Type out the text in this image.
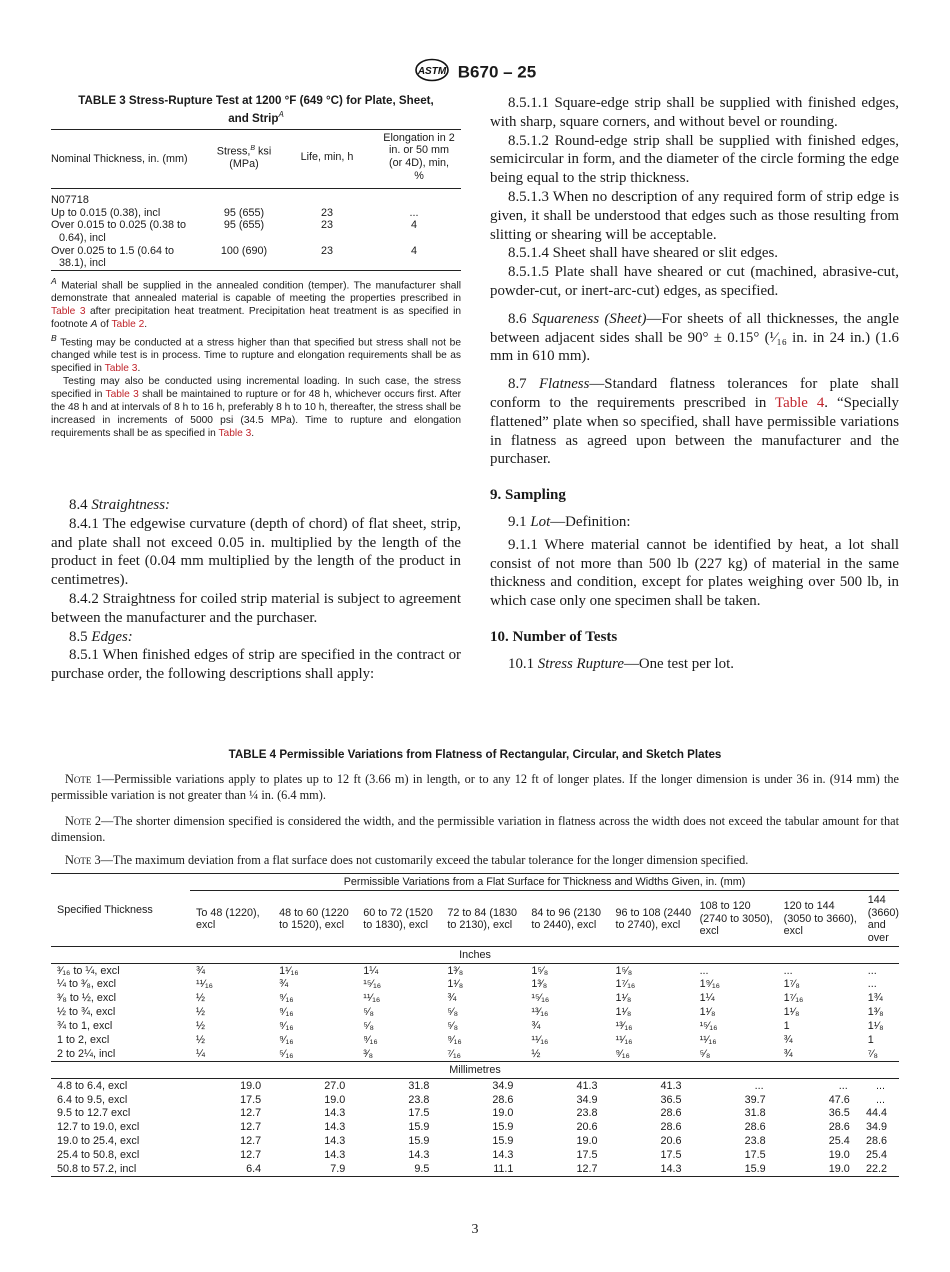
ASTM B670 – 25
TABLE 3 Stress-Rupture Test at 1200 °F (649 °C) for Plate, Sheet,
and Strip$^A$
Nominal Thickness, in. (mm)	Stress,$^B$ ksi (MPa)	Life, min, h	Elongation in 2 in. or 50 mm (or 4D), min, %
N07718			
Up to 0.015 (0.38), incl	95 (655)	23	...
Over 0.015 to 0.025 (0.38 to 0.64), incl	95 (655)	23	4
Over 0.025 to 1.5 (0.64 to 38.1), incl	100 (690)	23	4

$^A$ Material shall be supplied in the annealed condition (temper). The manufacturer shall demonstrate that annealed material is capable of meeting the properties prescribed in Table 3 after precipitation heat treatment. Precipitation heat treatment is as specified in footnote A of Table 2.

$^B$ Testing may be conducted at a stress higher than that specified but stress shall not be changed while test is in process. Time to rupture and elongation requirements shall be as specified in Table 3.

Testing may also be conducted using incremental loading. In such case, the stress specified in Table 3 shall be maintained to rupture or for 48 h, whichever occurs first. After the 48 h and at intervals of 8 h to 16 h, preferably 8 h to 10 h, thereafter, the stress shall be increased in increments of 5000 psi (34.5 MPa). Time to rupture and elongation requirements shall be as specified in Table 3.

8.4 Straightness:

8.4.1 The edgewise curvature (depth of chord) of flat sheet, strip, and plate shall not exceed 0.05 in. multiplied by the length of the product in feet (0.04 mm multiplied by the length of the product in centimetres).

8.4.2 Straightness for coiled strip material is subject to agreement between the manufacturer and the purchaser.

8.5 Edges:

8.5.1 When finished edges of strip are specified in the contract or purchase order, the following descriptions shall apply:

8.5.1.1 Square-edge strip shall be supplied with finished edges, with sharp, square corners, and without bevel or rounding.

8.5.1.2 Round-edge strip shall be supplied with finished edges, semicircular in form, and the diameter of the circle forming the edge being equal to the strip thickness.

8.5.1.3 When no description of any required form of strip edge is given, it shall be understood that edges such as those resulting from slitting or shearing will be acceptable.

8.5.1.4 Sheet shall have sheared or slit edges.

8.5.1.5 Plate shall have sheared or cut (machined, abrasive-cut, powder-cut, or inert-arc-cut) edges, as specified.

8.6 Squareness (Sheet)—For sheets of all thicknesses, the angle between adjacent sides shall be 90° ± 0.15° (¹⁄₁₆ in. in 24 in.) (1.6 mm in 610 mm).

8.7 Flatness—Standard flatness tolerances for plate shall conform to the requirements prescribed in Table 4. “Specially flattened” plate when so specified, shall have permissible variations in flatness as agreed upon between the manufacturer and the purchaser.

9. Sampling

9.1 Lot—Definition:

9.1.1 Where material cannot be identified by heat, a lot shall consist of not more than 500 lb (227 kg) of material in the same thickness and condition, except for plates weighing over 500 lb, in which case only one specimen shall be taken.

10. Number of Tests

10.1 Stress Rupture—One test per lot.

TABLE 4 Permissible Variations from Flatness of Rectangular, Circular, and Sketch Plates

Note 1—Permissible variations apply to plates up to 12 ft (3.66 m) in length, or to any 12 ft of longer plates. If the longer dimension is under 36 in. (914 mm) the permissible variation is not greater than ¼ in. (6.4 mm).

Note 2—The shorter dimension specified is considered the width, and the permissible variation in flatness across the width does not exceed the tabular amount for that dimension.

Note 3—The maximum deviation from a flat surface does not customarily exceed the tabular tolerance for the longer dimension specified.

Specified Thickness	Permissible Variations from a Flat Surface for Thickness and Widths Given, in. (mm)								
	To 48 (1220), excl	48 to 60 (1220 to 1520), excl	60 to 72 (1520 to 1830), excl	72 to 84 (1830 to 2130), excl	84 to 96 (2130 to 2440), excl	96 to 108 (2440 to 2740), excl	108 to 120 (2740 to 3050), excl	120 to 144 (3050 to 3660), excl	144 (3660) and over
Inches									
³⁄₁₆ to ¼, excl	¾	1¹⁄₁₆	1¼	1³⁄₈	1⁵⁄₈	1⁵⁄₈	...	...	...
¼ to ³⁄₈, excl	¹¹⁄₁₆	¾	¹⁵⁄₁₆	1¹⁄₈	1³⁄₈	1⁷⁄₁₆	1⁹⁄₁₆	1⁷⁄₈	...
³⁄₈ to ½, excl	½	⁹⁄₁₆	¹¹⁄₁₆	¾	¹⁵⁄₁₆	1¹⁄₈	1¼	1⁷⁄₁₆	1¾
½ to ¾, excl	½	⁹⁄₁₆	⁵⁄₈	⁵⁄₈	¹³⁄₁₆	1¹⁄₈	1¹⁄₈	1¹⁄₈	1³⁄₈
¾ to 1, excl	½	⁹⁄₁₆	⁵⁄₈	⁵⁄₈	¾	¹³⁄₁₆	¹⁵⁄₁₆	1	1¹⁄₈
1 to 2, excl	½	⁹⁄₁₆	⁹⁄₁₆	⁹⁄₁₆	¹¹⁄₁₆	¹¹⁄₁₆	¹¹⁄₁₆	¾	1
2 to 2¼, incl	¼	⁵⁄₁₆	³⁄₈	⁷⁄₁₆	½	⁹⁄₁₆	⁵⁄₈	¾	⁷⁄₈
Millimetres									
4.8 to 6.4, excl	19.0	27.0	31.8	34.9	41.3	41.3	...	...	...
6.4 to 9.5, excl	17.5	19.0	23.8	28.6	34.9	36.5	39.7	47.6	...
9.5 to 12.7 excl	12.7	14.3	17.5	19.0	23.8	28.6	31.8	36.5	44.4
12.7 to 19.0, excl	12.7	14.3	15.9	15.9	20.6	28.6	28.6	28.6	34.9
19.0 to 25.4, excl	12.7	14.3	15.9	15.9	19.0	20.6	23.8	25.4	28.6
25.4 to 50.8, excl	12.7	14.3	14.3	14.3	17.5	17.5	17.5	19.0	25.4
50.8 to 57.2, incl	6.4	7.9	9.5	11.1	12.7	14.3	15.9	19.0	22.2
3
